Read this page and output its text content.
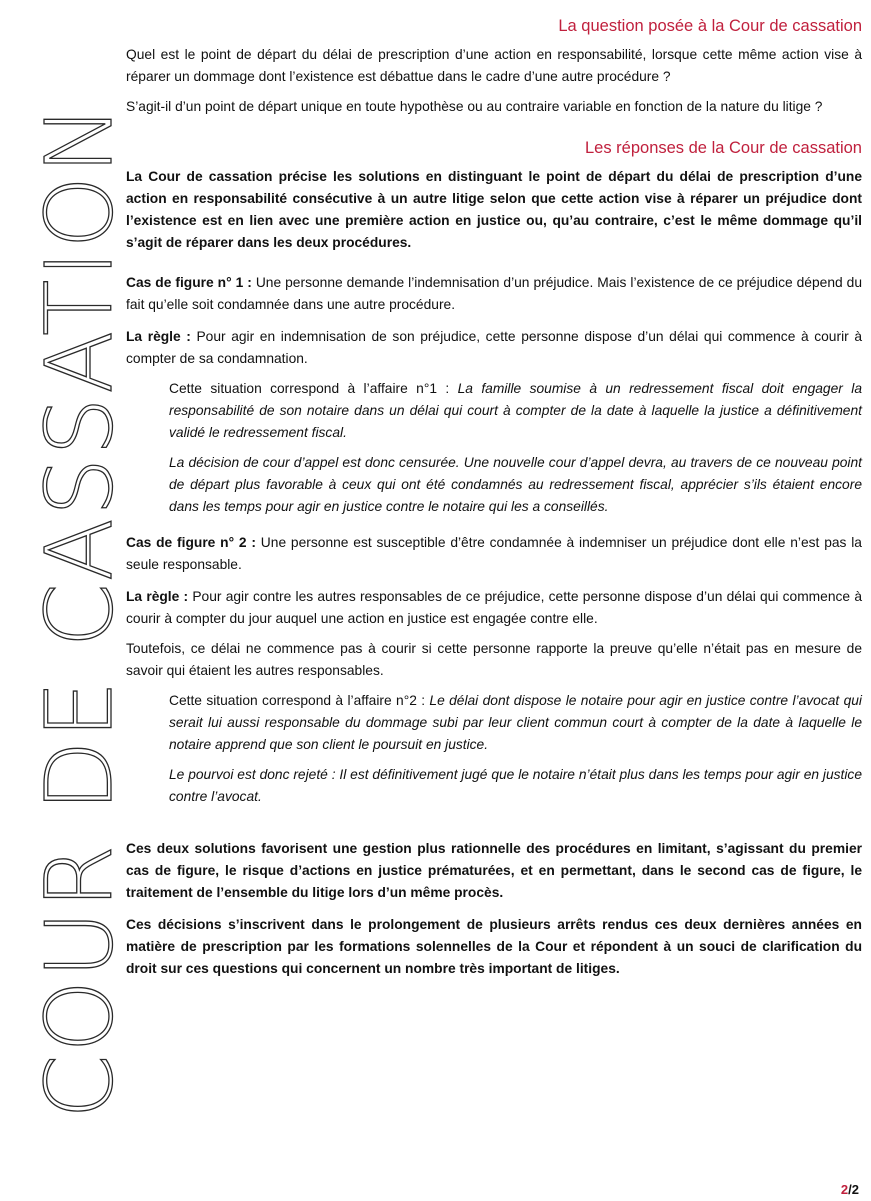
COUR DE CASSATION
La question posée à la Cour de cassation

Quel est le point de départ du délai de prescription d’une action en responsabilité, lorsque cette même action vise à réparer un dommage dont l’existence est débattue dans le cadre d’une autre procédure ?

S’agit-il d’un point de départ unique en toute hypothèse ou au contraire variable en fonction de la nature du litige ?

Les réponses de la Cour de cassation

La Cour de cassation précise les solutions en distinguant le point de départ du délai de prescription d’une action en responsabilité consécutive à un autre litige selon que cette action vise à réparer un préjudice dont l’existence est en lien avec une première action en justice ou, qu’au contraire, c’est le même dommage qu’il s’agit de réparer dans les deux procédures.

Cas de figure n° 1 : Une personne demande l’indemnisation d’un préjudice. Mais l’existence de ce préjudice dépend du fait qu’elle soit condamnée dans une autre procédure.

La règle : Pour agir en indemnisation de son préjudice, cette personne dispose d’un délai qui commence à courir à compter de sa condamnation.

Cette situation correspond à l’affaire n°1 : La famille soumise à un redressement fiscal doit engager la responsabilité de son notaire dans un délai qui court à compter de la date à laquelle la justice a définitivement validé le redressement fiscal.

La décision de cour d’appel est donc censurée. Une nouvelle cour d’appel devra, au travers de ce nouveau point de départ plus favorable à ceux qui ont été condamnés au redressement fiscal, apprécier s’ils étaient encore dans les temps pour agir en justice contre le notaire qui les a conseillés.

Cas de figure n° 2 : Une personne est susceptible d’être condamnée à indemniser un préjudice dont elle n’est pas la seule responsable.

La règle : Pour agir contre les autres responsables de ce préjudice, cette personne dispose d’un délai qui commence à courir à compter du jour auquel une action en justice est engagée contre elle.

Toutefois, ce délai ne commence pas à courir si cette personne rapporte la preuve qu’elle n’était pas en mesure de savoir qui étaient les autres responsables.

Cette situation correspond à l’affaire n°2 : Le délai dont dispose le notaire pour agir en justice contre l’avocat qui serait lui aussi responsable du dommage subi par leur client commun court à compter de la date à laquelle le notaire apprend que son client le poursuit en justice.

Le pourvoi est donc rejeté : Il est définitivement jugé que le notaire n’était plus dans les temps pour agir en justice contre l’avocat.

Ces deux solutions favorisent une gestion plus rationnelle des procédures en limitant, s’agissant du premier cas de figure, le risque d’actions en justice prématurées, et en permettant, dans le second cas de figure, le traitement de l’ensemble du litige lors d’un même procès.

Ces décisions s’inscrivent dans le prolongement de plusieurs arrêts rendus ces deux dernières années en matière de prescription par les formations solennelles de la Cour et répondent à un souci de clarification du droit sur ces questions qui concernent un nombre très important de litiges.

2/2
